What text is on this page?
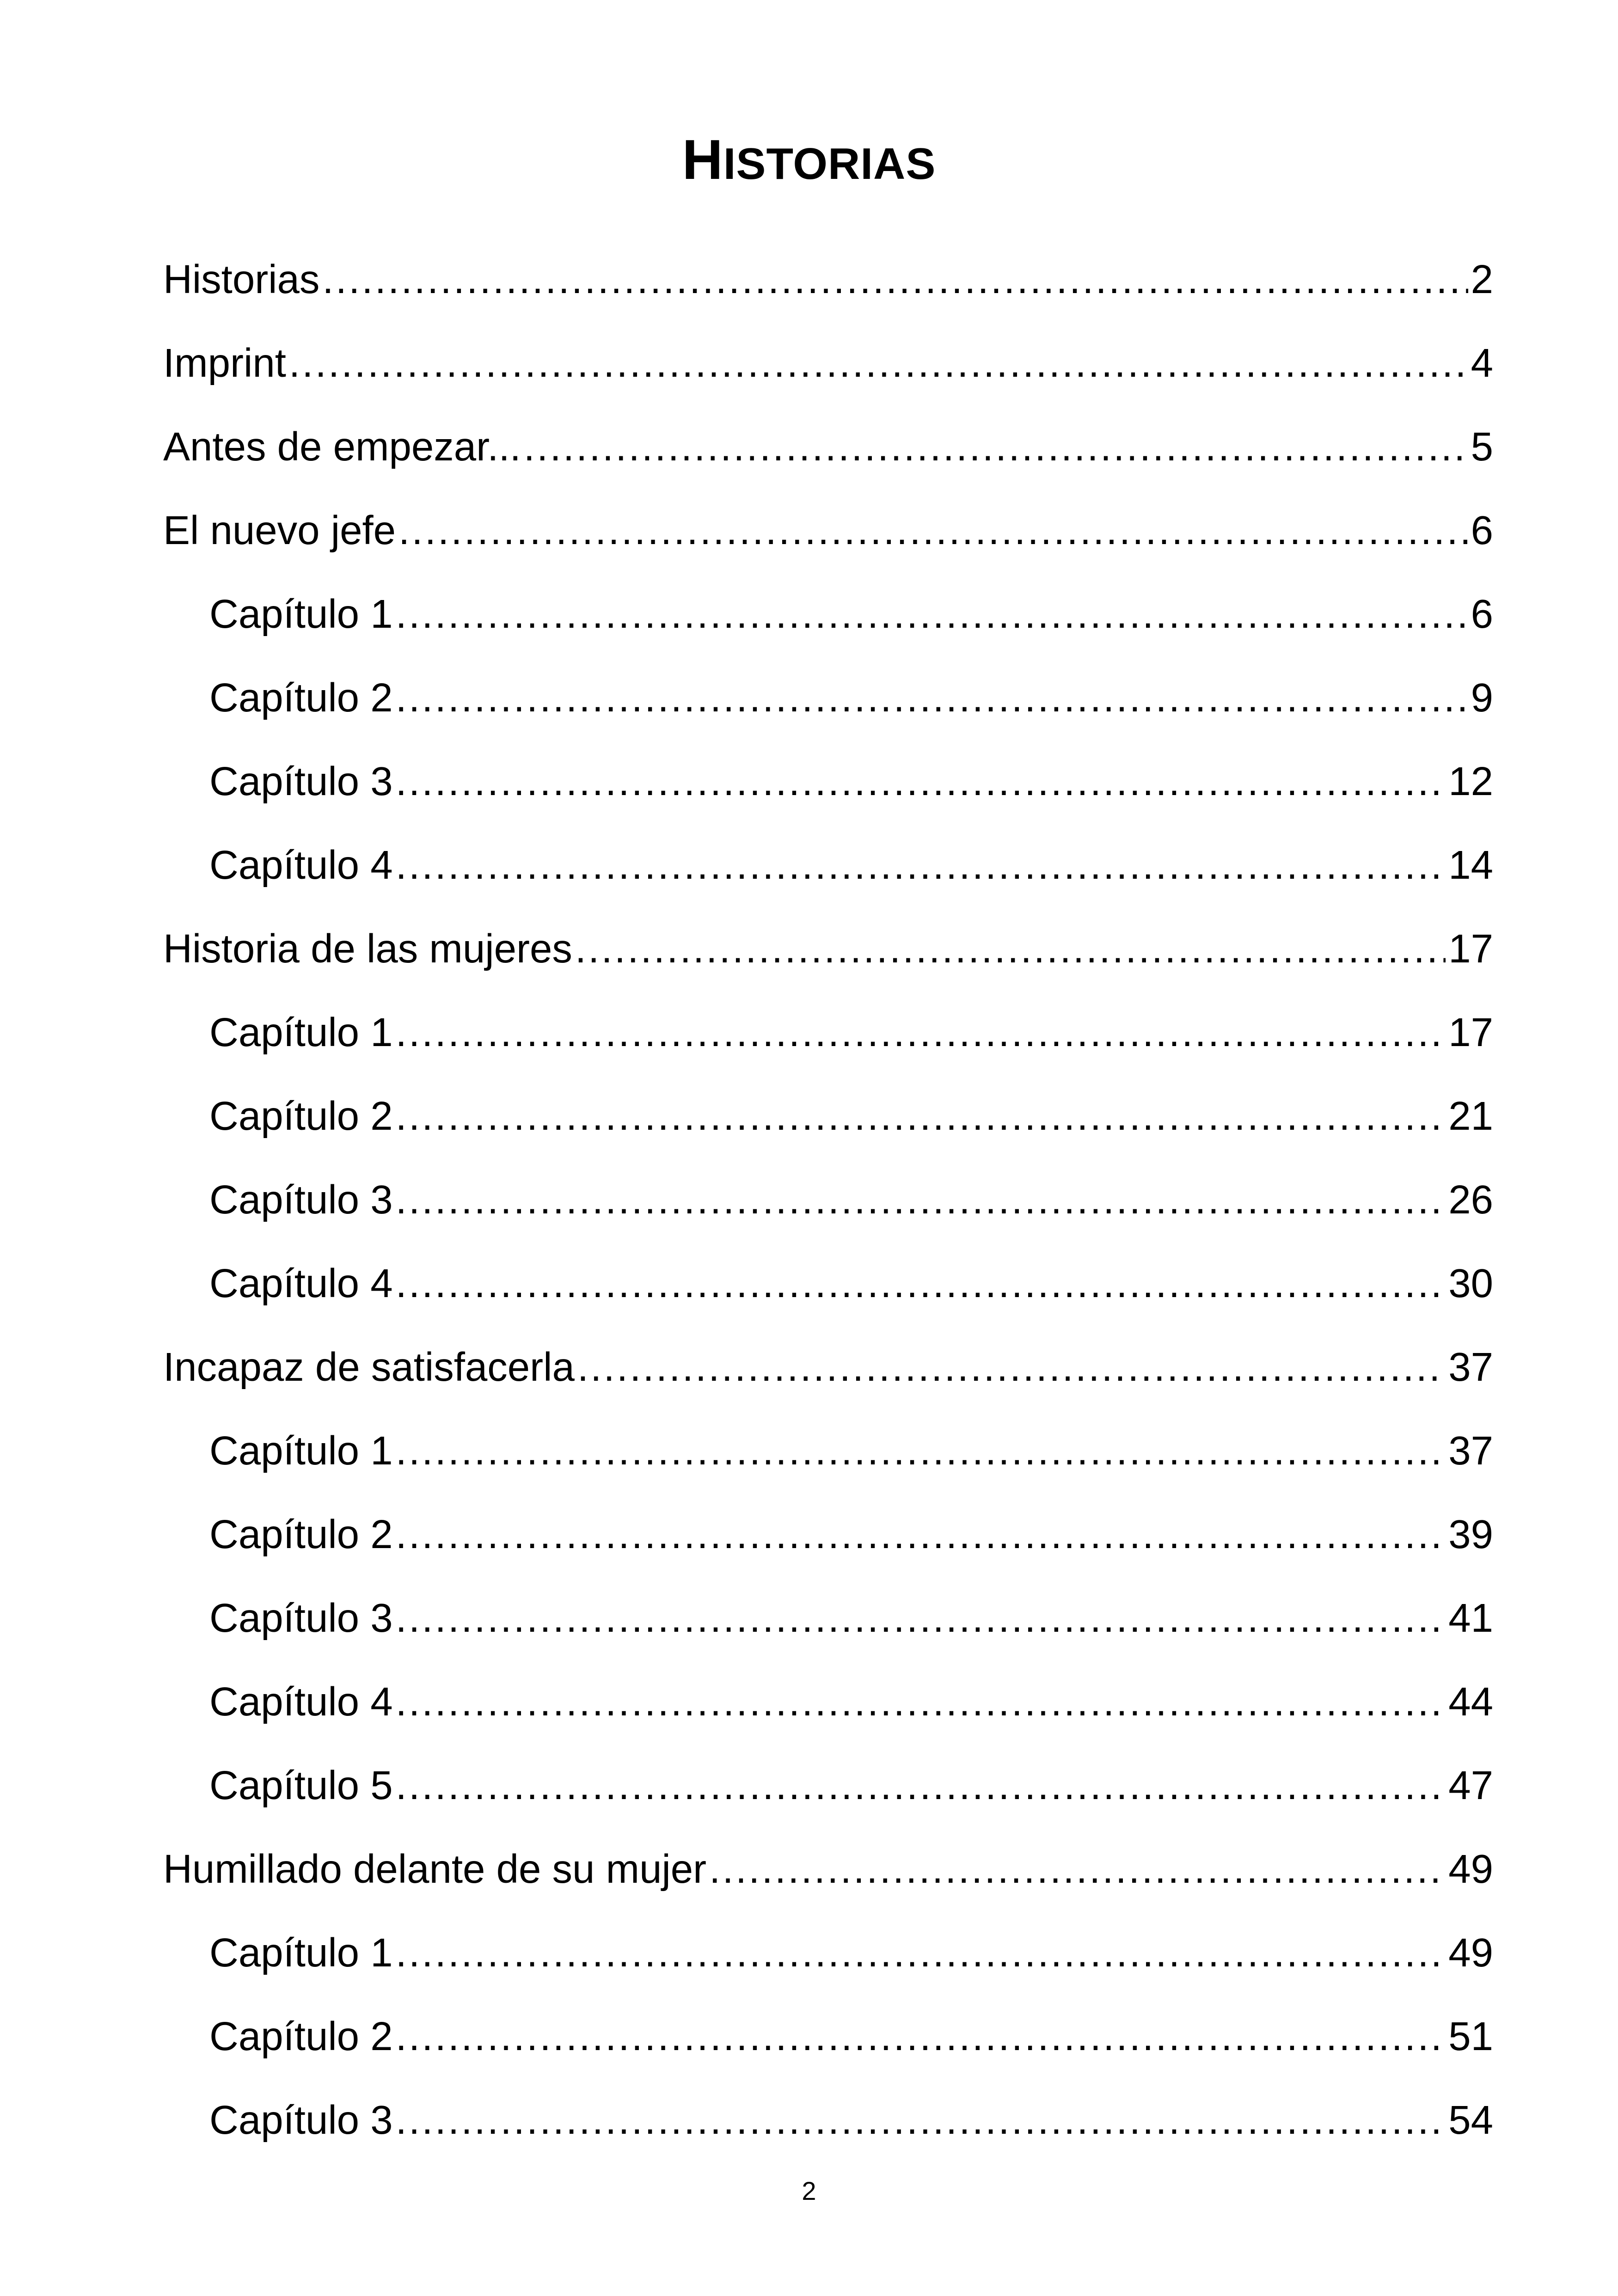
HISTORIAS
Historias . . .	2
Imprint . . .	4
Antes de empezar... . . .	5
El nuevo jefe . . .	6
Capítulo 1 . . .	6
Capítulo 2 . . .	9
Capítulo 3 . . .	12
Capítulo 4 . . .	14
Historia de las mujeres . . .	17
Capítulo 1 . . .	17
Capítulo 2 . . .	21
Capítulo 3 . . .	26
Capítulo 4 . . .	30
Incapaz de satisfacerla . . .	37
Capítulo 1 . . .	37
Capítulo 2 . . .	39
Capítulo 3 . . .	41
Capítulo 4 . . .	44
Capítulo 5 . . .	47
Humillado delante de su mujer . . .	49
Capítulo 1 . . .	49
Capítulo 2 . . .	51
Capítulo 3 . . .	54
2
